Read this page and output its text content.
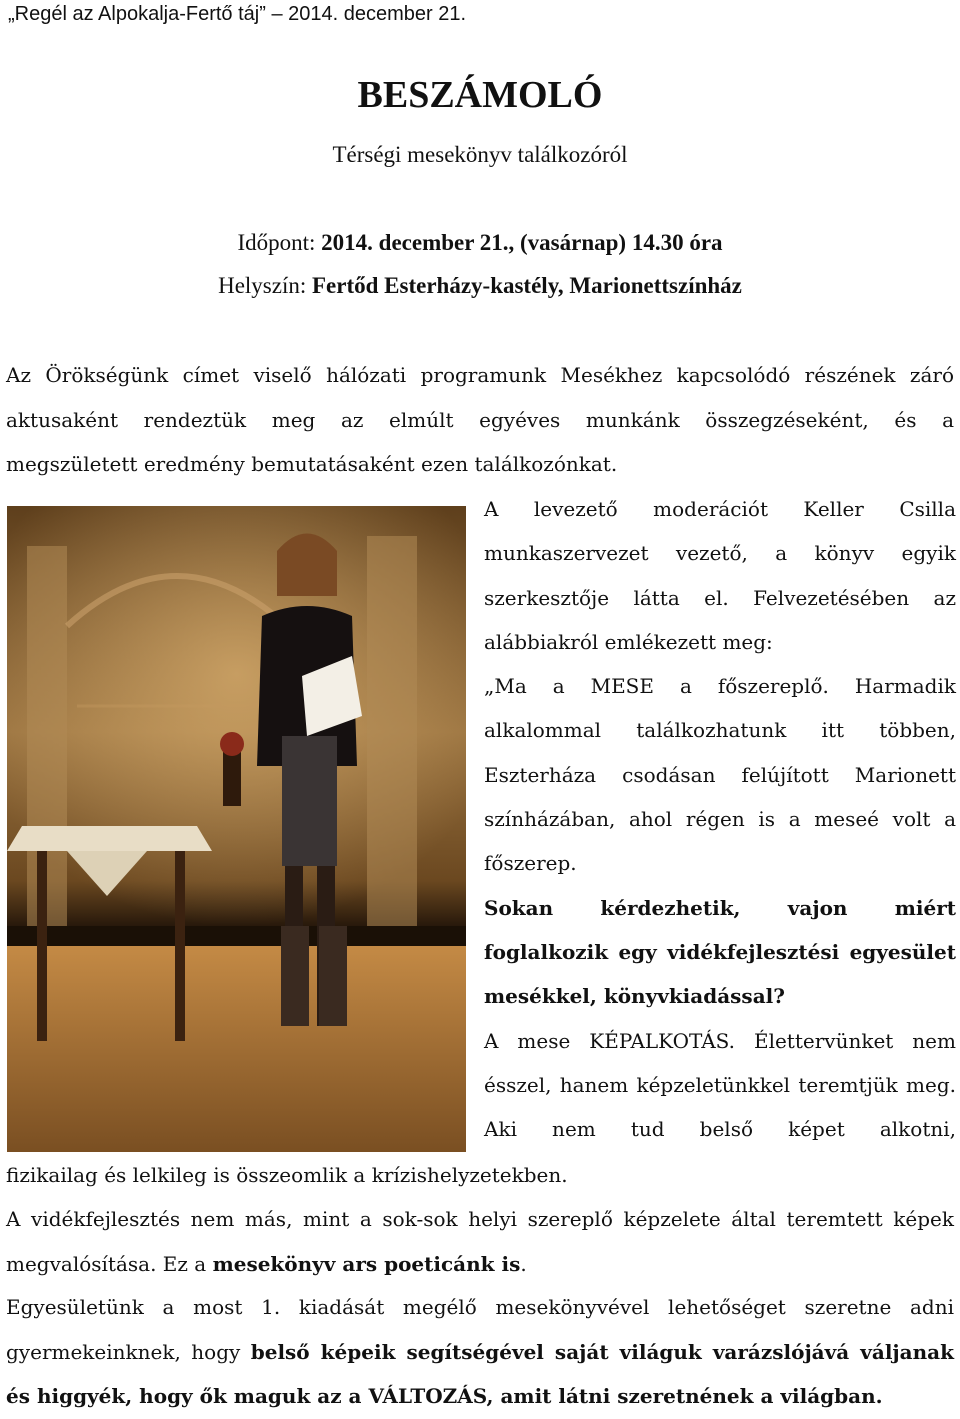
„Regél az Alpokalja-Fertő táj” – 2014. december 21.
BESZÁMOLÓ
Térségi mesekönyv találkozóról
Időpont: 2014. december 21., (vasárnap) 14.30 óra
Helyszín: Fertőd Esterházy-kastély, Marionettszínház
Az Örökségünk címet viselő hálózati programunk Mesékhez kapcsolódó részének záró
aktusaként rendeztük meg az elmúlt egyéves munkánk összegzéseként, és a
megszületett eredmény bemutatásaként ezen találkozónkat.

A levezető moderációt Keller Csilla munkaszervezet vezető, a könyv egyik szerkesztője látta el. Felvezetésében az alábbiakról emlékezett meg:

„Ma a MESE a főszereplő. Harmadik alkalommal találkozhatunk itt többen, Eszterháza csodásan felújított Marionett színházában, ahol régen is a meseé volt a főszerep.

Sokan kérdezhetik, vajon miért foglalkozik egy vidékfejlesztési egyesület mesékkel, könyvkiadással?

A mese KÉPALKOTÁS. Élettervünket nem ésszel, hanem képzeletünkkel teremtjük meg. Aki nem tud belső képet alkotni,

fizikailag és lelkileg is összeomlik a krízishelyzetekben.
A vidékfejlesztés nem más, mint a sok-sok helyi szereplő képzelete által teremtett képek
megvalósítása. Ez a mesekönyv ars poeticánk is.
Egyesületünk a most 1. kiadását megélő mesekönyvével lehetőséget szeretne adni
gyermekeinknek, hogy belső képeik segítségével saját világuk varázslójává váljanak
és higgyék, hogy ők maguk az a VÁLTOZÁS, amit látni szeretnének a világban.
